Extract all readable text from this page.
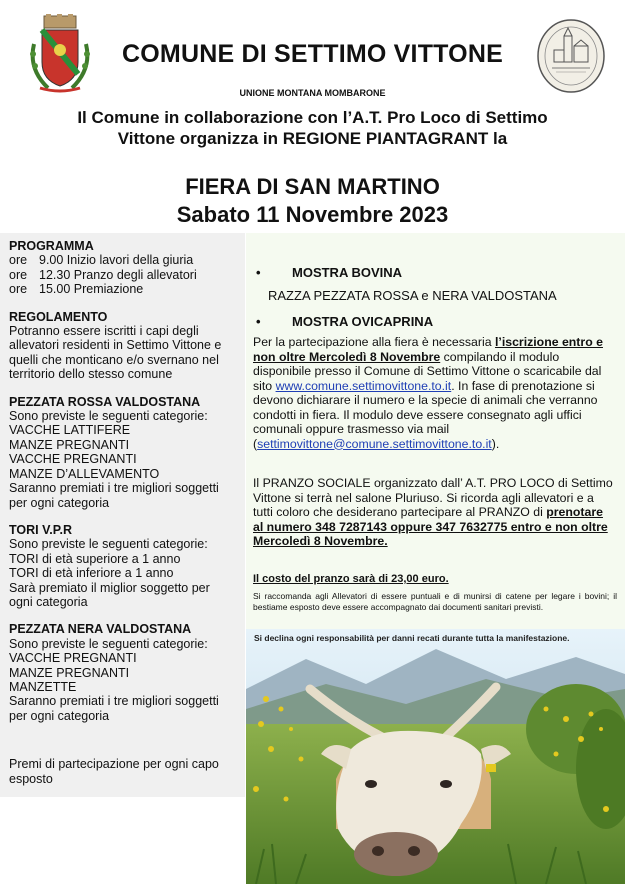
COMUNE DI SETTIMO VITTONE
UNIONE MONTANA MOMBARONE
Il Comune in collaborazione con l’A.T. Pro Loco di Settimo
Vittone organizza in REGIONE PIANTAGRANT la
FIERA DI SAN MARTINO
Sabato 11 Novembre 2023
PROGRAMMA
ore 9.00 Inizio lavori della giuria
ore 12.30 Pranzo degli allevatori
ore 15.00 Premiazione
REGOLAMENTO
Potranno essere iscritti i capi degli
allevatori residenti in Settimo Vittone e
quelli che monticano e/o svernano nel
territorio dello stesso comune
PEZZATA ROSSA VALDOSTANA
Sono previste le seguenti categorie:
VACCHE LATTIFERE
MANZE PREGNANTI
VACCHE PREGNANTI
MANZE D’ALLEVAMENTO
Saranno premiati i tre migliori soggetti
per ogni categoria
TORI V.P.R
Sono previste le seguenti categorie:
TORI di età superiore a 1 anno
TORI di età inferiore a 1 anno
Sarà premiato il miglior soggetto per
ogni categoria
PEZZATA NERA VALDOSTANA
Sono previste le seguenti categorie:
VACCHE PREGNANTI
MANZE PREGNANTI
MANZETTE
Saranno premiati i tre migliori soggetti
per ogni categoria
Premi di partecipazione per ogni capo
esposto
• MOSTRA BOVINA
RAZZA PEZZATA ROSSA e NERA VALDOSTANA
• MOSTRA OVICAPRINA
Per la partecipazione alla fiera è necessaria l’iscrizione entro e non oltre Mercoledì 8 Novembre compilando il modulo disponibile presso il Comune di Settimo Vittone o scaricabile dal sito www.comune.settimovittone.to.it. In fase di prenotazione si devono dichiarare il numero e la specie di animali che verranno condotti in fiera. Il modulo deve essere consegnato agli uffici comunali oppure trasmesso via mail (settimovittone@comune.settimovittone.to.it).
Il PRANZO SOCIALE organizzato dall’ A.T. PRO LOCO di Settimo Vittone si terrà nel salone Pluriuso. Si ricorda agli allevatori e a tutti coloro che desiderano partecipare al PRANZO di prenotare al numero 348 7287143 oppure 347 7632775 entro e non oltre Mercoledì 8 Novembre.
Il costo del pranzo sarà di 23,00 euro.
Si raccomanda agli Allevatori di essere puntuali e di munirsi di catene per legare i bovini; il bestiame esposto deve essere accompagnato dai documenti sanitari previsti.
Si declina ogni responsabilità per danni recati durante tutta la manifestazione.
